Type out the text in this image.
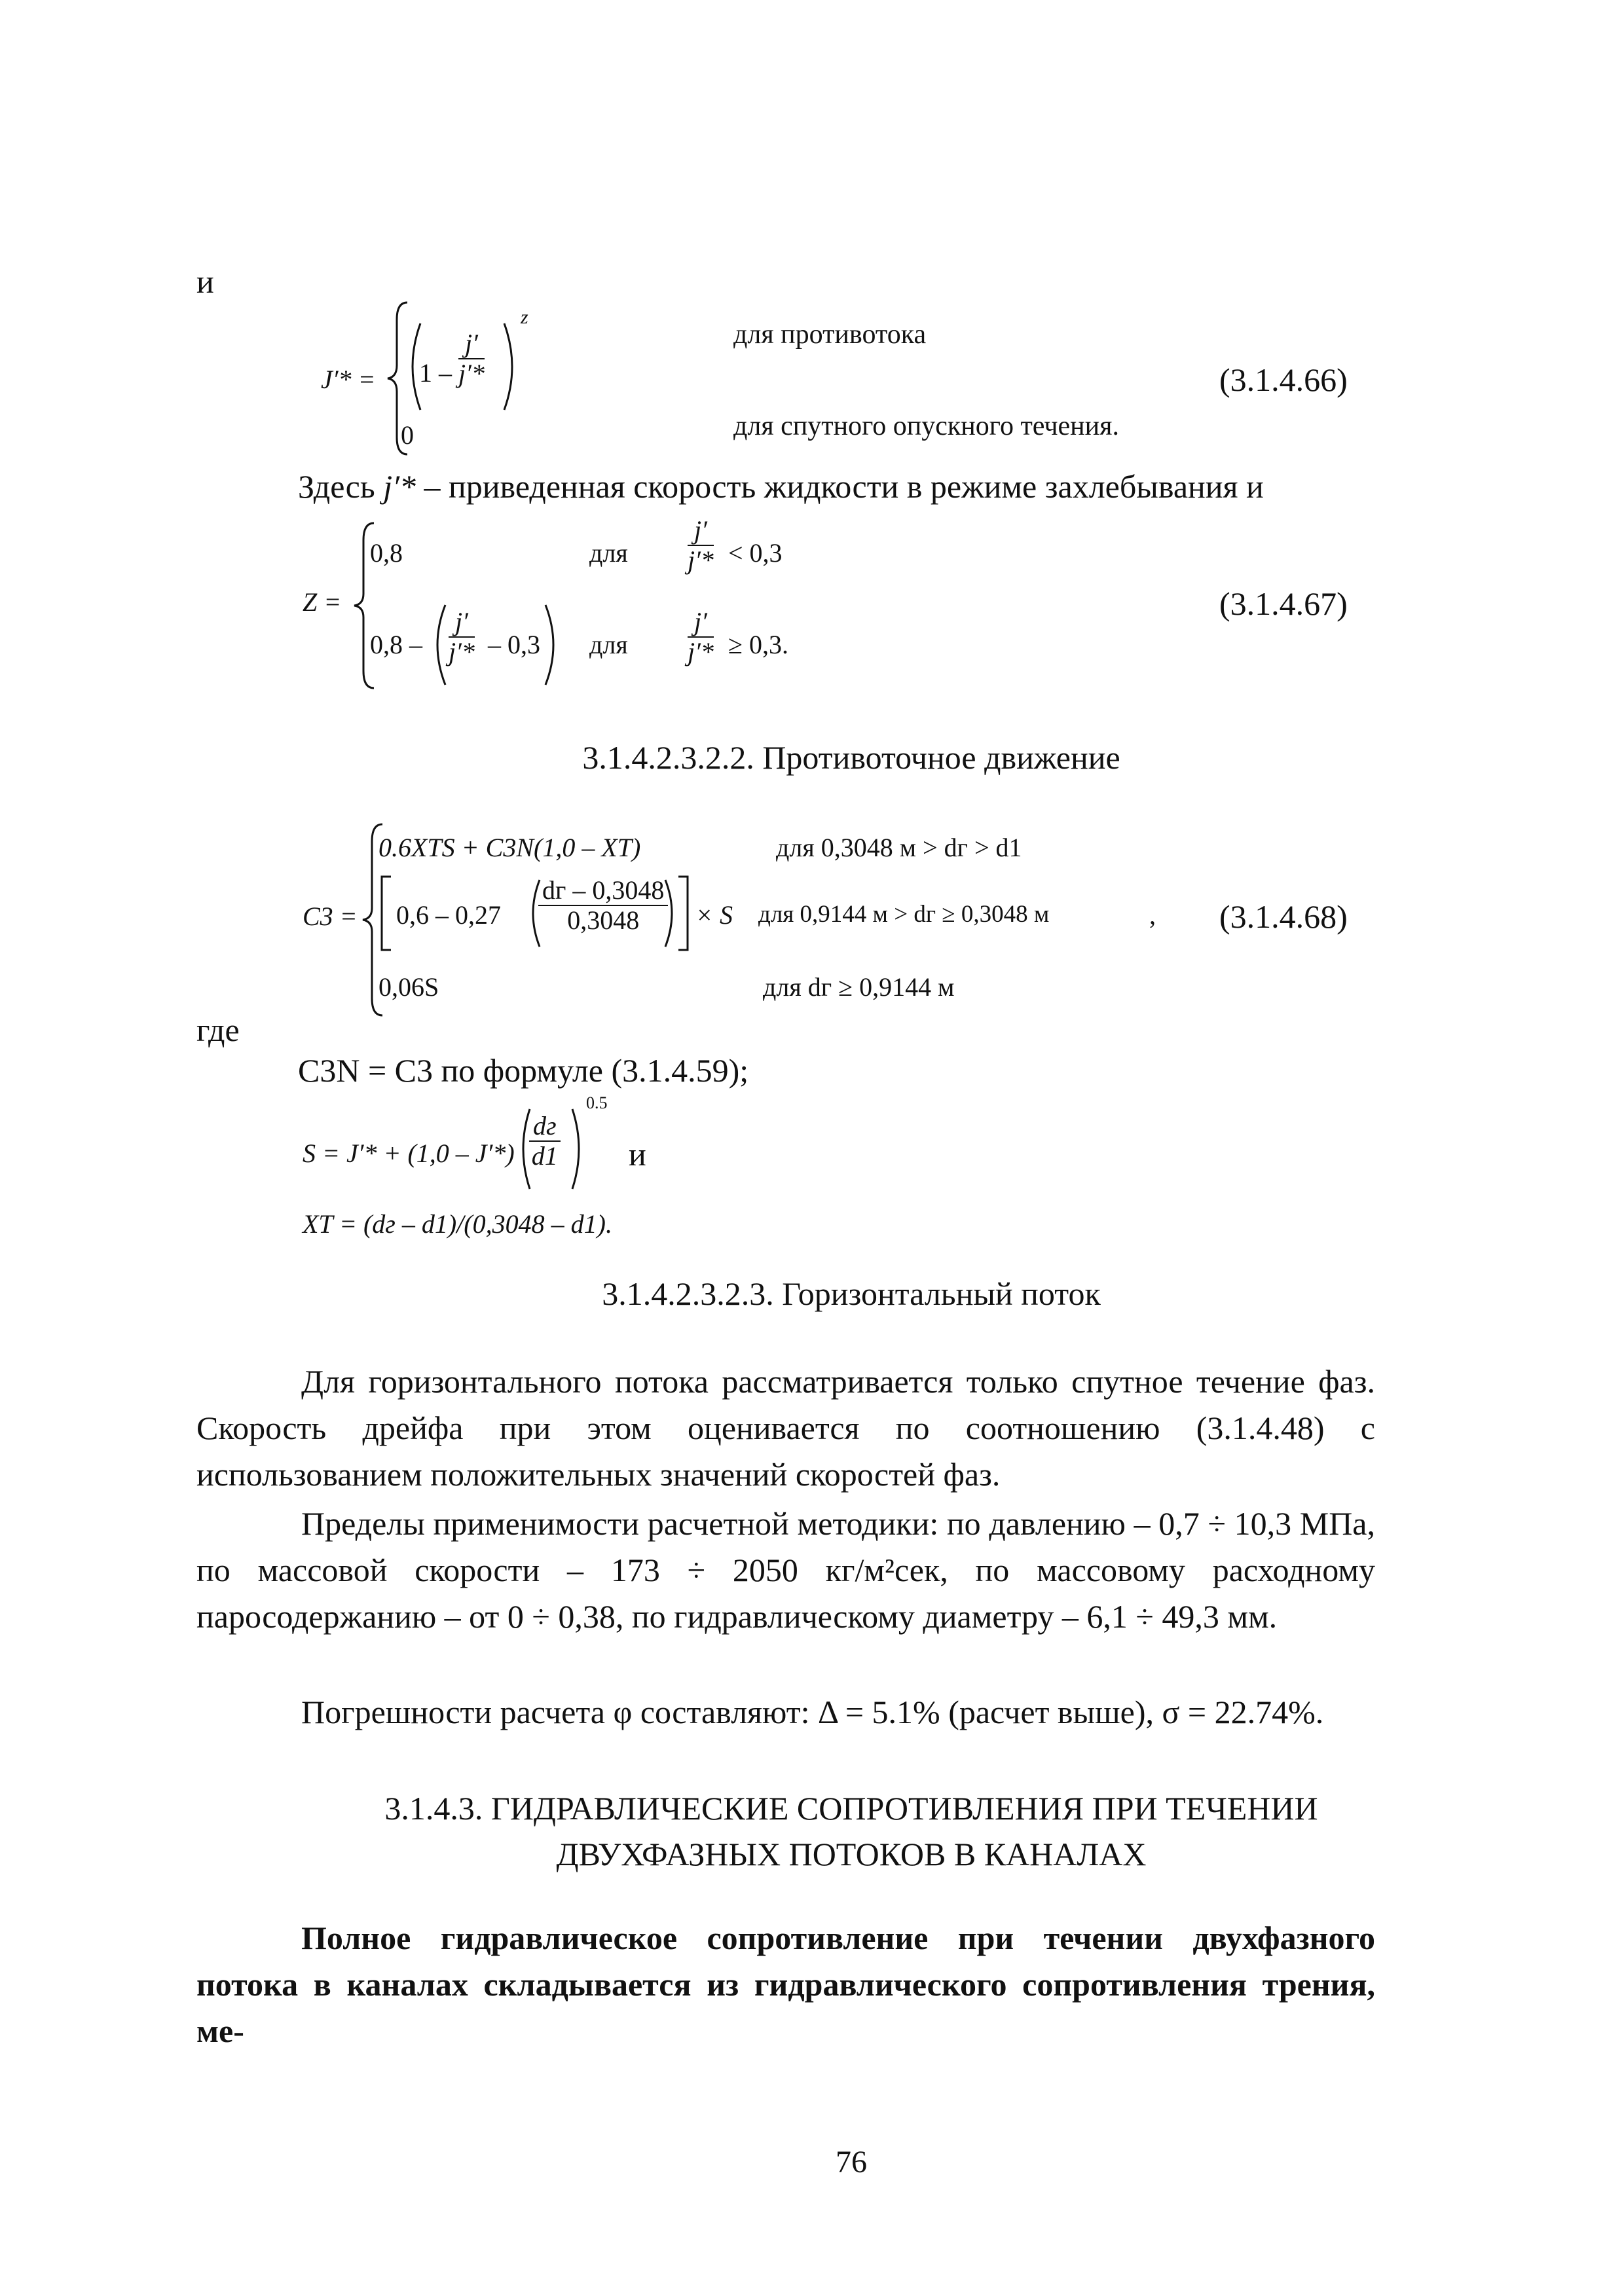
и
$J'* = 1 - \frac{j'}{j'*}$
z
0
для противотока
для спутного опускного течения.
(3.1.4.66)
Здесь j′* – приведенная скорость жидкости в режиме захлебывания и
Z =
0,8	для $\frac{j'}{j'*} < 0,3$
$0,8 - \frac{j'}{j'*} - 0,3$ для $\frac{j'}{j'*} \ge 0,3$.
(3.1.4.67)
3.1.4.2.3.2.2. Противоточное движение
C3 =
0.6XTS + C3N(1,0 – XT)	для 0,3048 м > dг > d1
0,6 – 0,27
dг – 0,3048
0,3048	× S для 0,9144 м > dг ≥ 0,3048 м	,
0,06S	для dг ≥ 0,9144 м
(3.1.4.68)
где
C3N = C3 по формуле (3.1.4.59);
S = J′* + (1,0 – J′*)
dг
d1
0.5
и
XT = (dг – d1)/(0,3048 – d1).
3.1.4.2.3.2.3. Горизонтальный поток
Для горизонтального потока рассматривается только спутное течение фаз. Скорость дрейфа при этом оценивается по соотношению (3.1.4.48) с использованием положительных значений скоростей фаз.
Пределы применимости расчетной методики: по давлению – 0,7 ÷ 10,3 МПа, по массовой скорости – 173 ÷ 2050 кг/м²сек, по массовому расходному паросодержанию – от 0 ÷ 0,38, по гидравлическому диаметру – 6,1 ÷ 49,3 мм.
Погрешности расчета φ составляют: Δ = 5.1% (расчет выше), σ = 22.74%.
3.1.4.3. ГИДРАВЛИЧЕСКИЕ СОПРОТИВЛЕНИЯ ПРИ ТЕЧЕНИИ
ДВУХФАЗНЫХ ПОТОКОВ В КАНАЛАХ
Полное гидравлическое сопротивление при течении двухфазного потока в каналах складывается из гидравлического сопротивления трения, ме-
76
